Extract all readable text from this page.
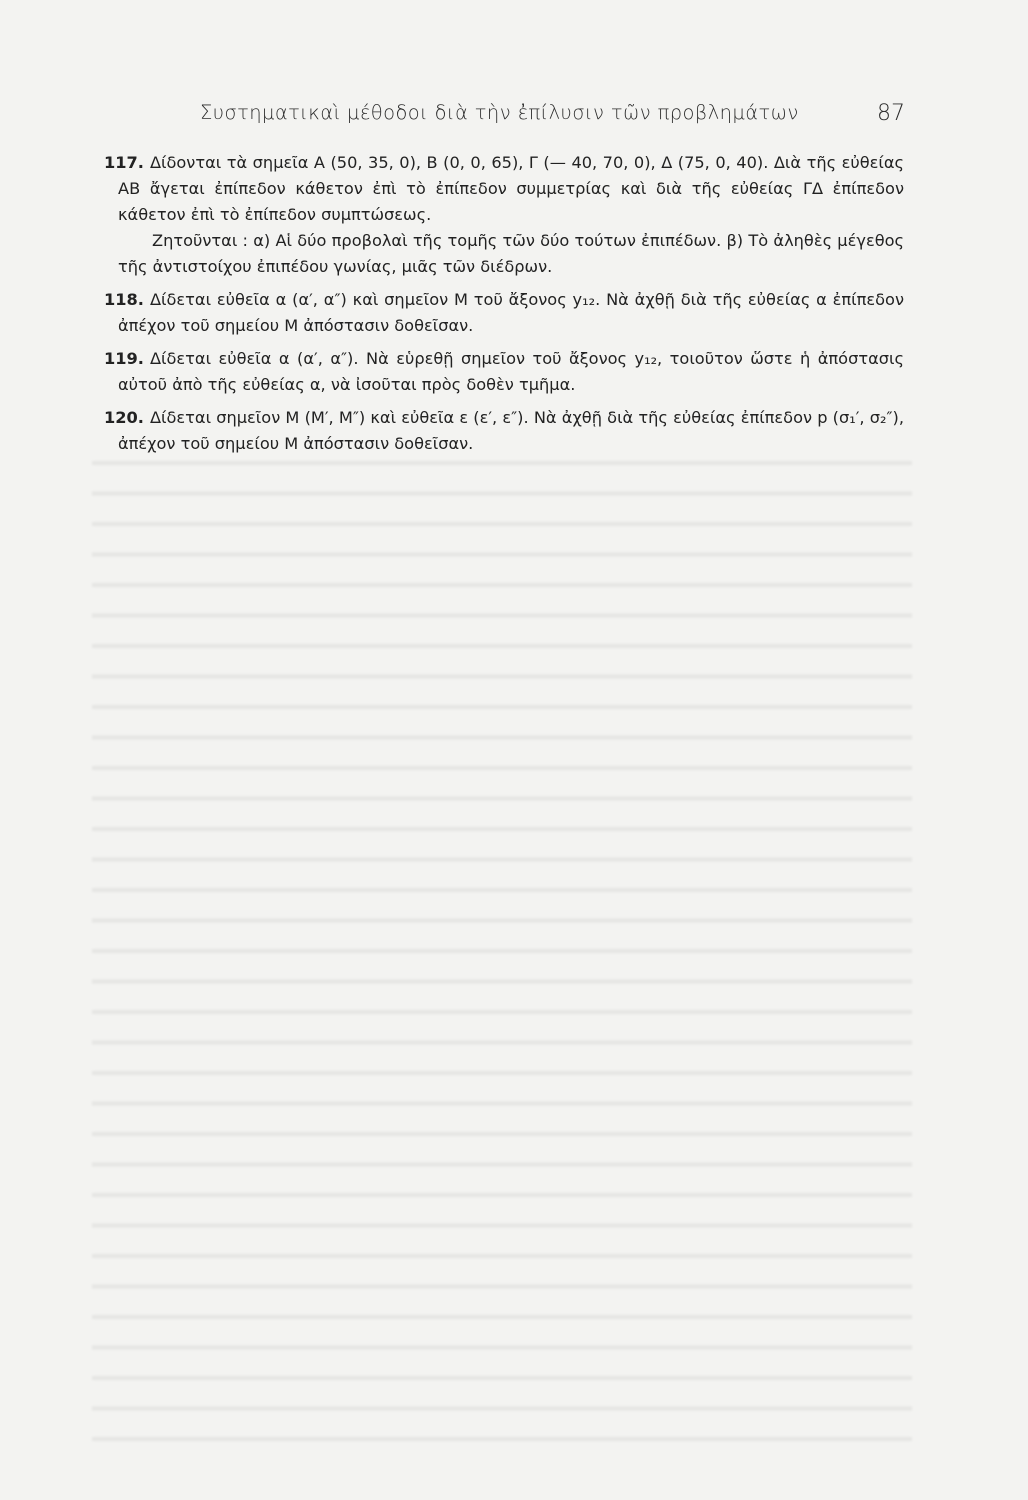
Συστηματικαὶ μέθοδοι διὰ τὴν ἐπίλυσιν τῶν προβλημάτων	87

117. Δίδονται τὰ σημεῖα Α (50, 35, 0), Β (0, 0, 65), Γ (— 40, 70, 0), Δ (75, 0, 40). Διὰ τῆς εὐθείας ΑΒ ἄγεται ἐπίπεδον κάθετον ἐπὶ τὸ ἐπίπεδον συμμετρίας καὶ διὰ τῆς εὐθείας ΓΔ ἐπίπεδον κάθετον ἐπὶ τὸ ἐπίπεδον συμπτώσεως.

Ζητοῦνται : α) Αἱ δύο προβολαὶ τῆς τομῆς τῶν δύο τούτων ἐπιπέδων. β) Τὸ ἀληθὲς μέγεθος τῆς ἀντιστοίχου ἐπιπέδου γωνίας, μιᾶς τῶν διέδρων.

118. Δίδεται εὐθεῖα α (α′, α″) καὶ σημεῖον Μ τοῦ ἄξονος y₁₂. Νὰ ἀχθῇ διὰ τῆς εὐθείας α ἐπίπεδον ἀπέχον τοῦ σημείου Μ ἀπόστασιν δοθεῖσαν.

119. Δίδεται εὐθεῖα α (α′, α″). Νὰ εὑρεθῇ σημεῖον τοῦ ἄξονος y₁₂, τοιοῦτον ὥστε ἡ ἀπόστασις αὐτοῦ ἀπὸ τῆς εὐθείας α, νὰ ἰσοῦται πρὸς δοθὲν τμῆμα.

120. Δίδεται σημεῖον Μ (Μ′, Μ″) καὶ εὐθεῖα ε (ε′, ε″). Νὰ ἀχθῇ διὰ τῆς εὐθείας ἐπίπεδον p (σ₁′, σ₂″), ἀπέχον τοῦ σημείου Μ ἀπόστασιν δοθεῖσαν.
